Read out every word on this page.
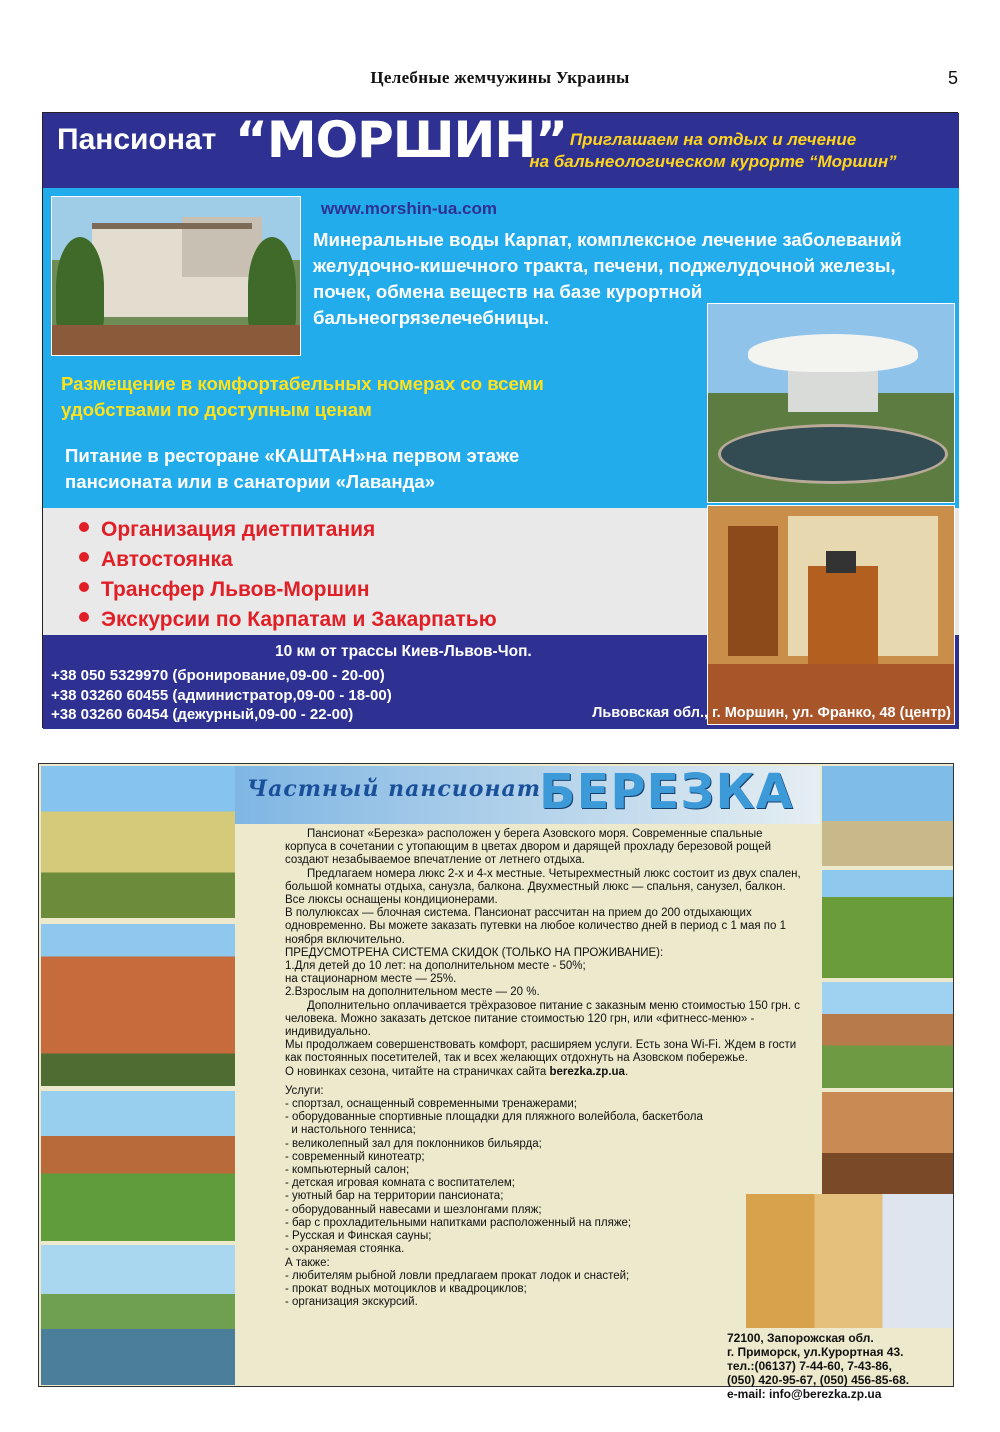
Целебные жемчужины Украины	5
Пансионат “МОРШИН” Приглашаем на отдых и лечение
на бальнеологическом курорте “Моршин”
www.morshin-ua.com
Минеральные воды Карпат, комплексное лечение заболеваний
желудочно-кишечного тракта, печени, поджелудочной железы,
почек, обмена веществ на базе курортной
бальнеогрязелечебницы.
Размещение в комфортабельных номерах со всеми
удобствами по доступным ценам
Питание в ресторане «КАШТАН»на первом этаже
пансионата или в санатории «Лаванда»
Организация диетпитания
Автостоянка
Трансфер Львов-Моршин
Экскурсии по Карпатам и Закарпатью
10 км от трассы Киев-Львов-Чоп.
+38 050 5329970 (бронирование,09-00 - 20-00)
+38 03260 60455 (администратор,09-00 - 18-00)
+38 03260 60454 (дежурный,09-00 - 22-00)	Львовская обл., г. Моршин, ул. Франко, 48 (центр)
Частный пансионат
БЕРЕЗКА

Пансионат «Березка» расположен у берега Азовского моря. Современные спальные корпуса в сочетании с утопающим в цветах двором и дарящей прохладу березовой рощей создают незабываемое впечатление от летнего отдыха.

Предлагаем номера люкс 2-х и 4-х местные. Четырехместный люкс состоит из двух спален, большой комнаты отдыха, санузла, балкона. Двухместный люкс — спальня, санузел, балкон. Все люксы оснащены кондиционерами.

В полулюксах — блочная система. Пансионат рассчитан на прием до 200 отдыхающих одновременно. Вы можете заказать путевки на любое количество дней в период с 1 мая по 1 ноября включительно.

ПРЕДУСМОТРЕНА СИСТЕМА СКИДОК (ТОЛЬКО НА ПРОЖИВАНИЕ):

1.Для детей до 10 лет: на дополнительном месте - 50%;

на стационарном месте — 25%.

2.Взрослым на дополнительном месте — 20 %.

Дополнительно оплачивается трёхразовое питание с заказным меню стоимостью 150 грн. с человека. Можно заказать детское питание стоимостью 120 грн, или «фитнесс-меню» - индивидуально.

Мы продолжаем совершенствовать комфорт, расширяем услуги. Есть зона Wi-Fi. Ждем в гости как постоянных посетителей, так и всех желающих отдохнуть на Азовском побережье.

О новинках сезона, читайте на страничках сайта berezka.zp.ua.

Услуги:

- спортзал, оснащенный современными тренажерами;

- оборудованные спортивные площадки для пляжного волейбола, баскетбола

и настольного тенниса;

- великолепный зал для поклонников бильярда;

- современный кинотеатр;

- компьютерный салон;

- детская игровая комната с воспитателем;

- уютный бар на территории пансионата;

- оборудованный навесами и шезлонгами пляж;

- бар с прохладительными напитками расположенный на пляже;

- Русская и Финская сауны;

- охраняемая стоянка.

А также:

- любителям рыбной ловли предлагаем прокат лодок и снастей;

- прокат водных мотоциклов и квадроциклов;

- организация экскурсий.

72100, Запорожская обл.
г. Приморск, ул.Курортная 43.
тел.:(06137) 7-44-60, 7-43-86,
(050) 420-95-67, (050) 456-85-68.
e-mail: info@berezka.zp.ua
